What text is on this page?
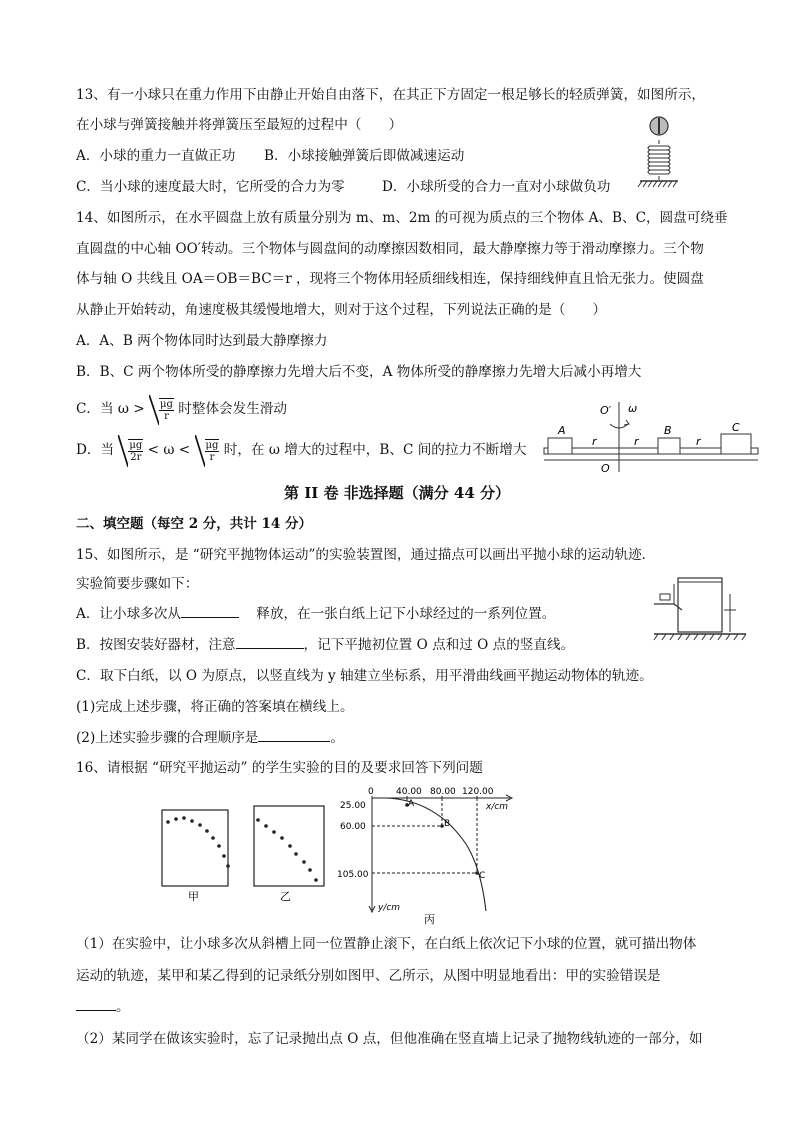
13、有一小球只在重力作用下由静止开始自由落下，在其正下方固定一根足够长的轻质弹簧，如图所示，
在小球与弹簧接触并将弹簧压至最短的过程中（　　）
A．小球的重力一直做正功 B．小球接触弹簧后即做减速运动
C．当小球的速度最大时，它所受的合力为零	D．小球所受的合力一直对小球做负功
14、如图所示，在水平圆盘上放有质量分别为 m、m、2m 的可视为质点的三个物体 A、B、C，圆盘可绕垂
直圆盘的中心轴 OO′转动。三个物体与圆盘间的动摩擦因数相同，最大静摩擦力等于滑动摩擦力。三个物
体与轴 O 共线且 OA＝OB＝BC＝r ，现将三个物体用轻质细线相连，保持细线伸直且恰无张力。使圆盘
从静止开始转动，角速度极其缓慢地增大，则对于这个过程，下列说法正确的是（　　）
A．A、B 两个物体同时达到最大静摩擦力
B．B、C 两个物体所受的静摩擦力先增大后不变，A 物体所受的静摩擦力先增大后减小再增大
C．当 $\omega > \frac{\mu g}{r}$ 时整体会发生滑动
D．当 $\frac{\mu g}{2r} < \omega < \frac{\mu g}{r}$ 时，在 ω 增大的过程中，B、C 间的拉力不断增大
O′ ω
A	B	C
r	r	r
O
第 II 卷 非选择题（满分 44 分）
二、填空题（每空 2 分，共计 14 分）
15、如图所示，是 “研究平抛物体运动”的实验装置图，通过描点可以画出平抛小球的运动轨迹．
实验简要步骤如下：
A．让小球多次从	释放，在一张白纸上记下小球经过的一系列位置。
B．按图安装好器材，注意	，记下平抛初位置 O 点和过 O 点的竖直线。
C．取下白纸，以 O 为原点，以竖直线为 y 轴建立坐标系，用平滑曲线画平抛运动物体的轨迹。
(1)完成上述步骤，将正确的答案填在横线上。
(2)上述实验步骤的合理顺序是	。
16、请根据 “研究平抛运动” 的学生实验的目的及要求回答下列问题
甲	乙
0 40.00 80.00 120.00
x/cm
25.00
60.00
105.00
y/cm
A
B
C
丙
（1）在实验中，让小球多次从斜槽上同一位置静止滚下，在白纸上依次记下小球的位置，就可描出物体
运动的轨迹，某甲和某乙得到的记录纸分别如图甲、乙所示，从图中明显地看出：甲的实验错误是
。
（2）某同学在做该实验时，忘了记录抛出点 O 点，但他准确在竖直墙上记录了抛物线轨迹的一部分，如
